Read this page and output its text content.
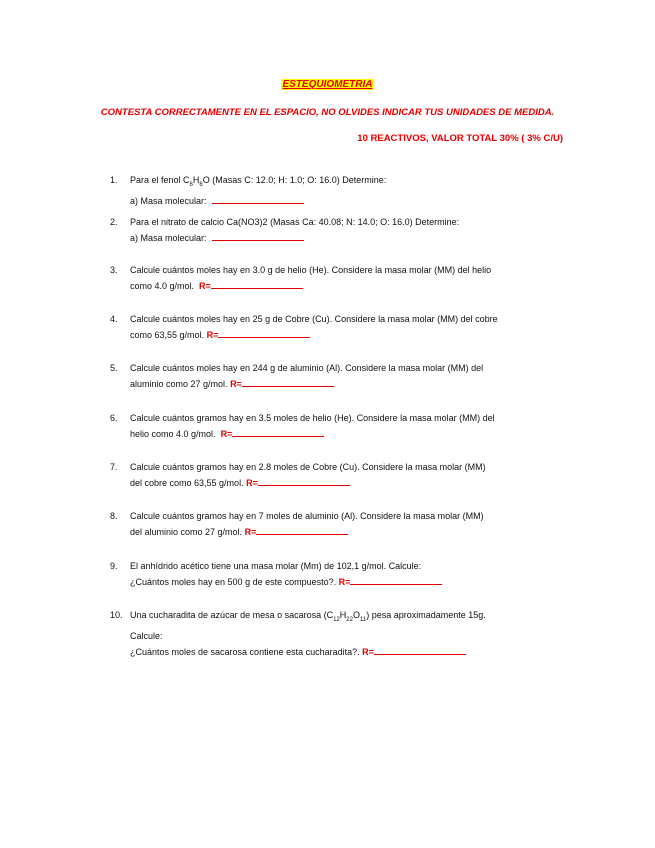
ESTEQUIOMETRIA
CONTESTA CORRECTAMENTE EN EL ESPACIO, NO OLVIDES INDICAR TUS UNIDADES DE MEDIDA.
10 REACTIVOS, VALOR TOTAL 30% ( 3% C/U)
1. Para el fenol $C_6H_6O$ (Masas C: 12.0; H: 1.0; O: 16.0) Determine:
a) Masa molecular:
2. Para el nitrato de calcio Ca(NO3)2 (Masas Ca: 40.08; N: 14.0; O: 16.0) Determine:
a) Masa molecular:
3. Calcule cuántos moles hay en 3.0 g de helio (He). Considere la masa molar (MM) del helio
como 4.0 g/mol. R=
4. Calcule cuántos moles hay en 25 g de Cobre (Cu). Considere la masa molar (MM) del cobre
como 63,55 g/mol. R=
5. Calcule cuántos moles hay en 244 g de aluminio (Al). Considere la masa molar (MM) del
aluminio como 27 g/mol. R=
6. Calcule cuántos gramos hay en 3.5 moles de helio (He). Considere la masa molar (MM) del
helio como 4.0 g/mol. R=
7. Calcule cuántos gramos hay en 2.8 moles de Cobre (Cu). Considere la masa molar (MM)
del cobre como 63,55 g/mol. R=
8. Calcule cuántos gramos hay en 7 moles de aluminio (Al). Considere la masa molar (MM)
del aluminio como 27 g/mol. R=
9. El anhídrido acético tiene una masa molar (Mm) de 102,1 g/mol. Calcule:
¿Cuántos moles hay en 500 g de este compuesto?. R=
10. Una cucharadita de azúcar de mesa o sacarosa $(C_{12}H_{22}O_{11})$ pesa aproximadamente 15g.
Calcule:
¿Cuántos moles de sacarosa contiene esta cucharadita?. R=
